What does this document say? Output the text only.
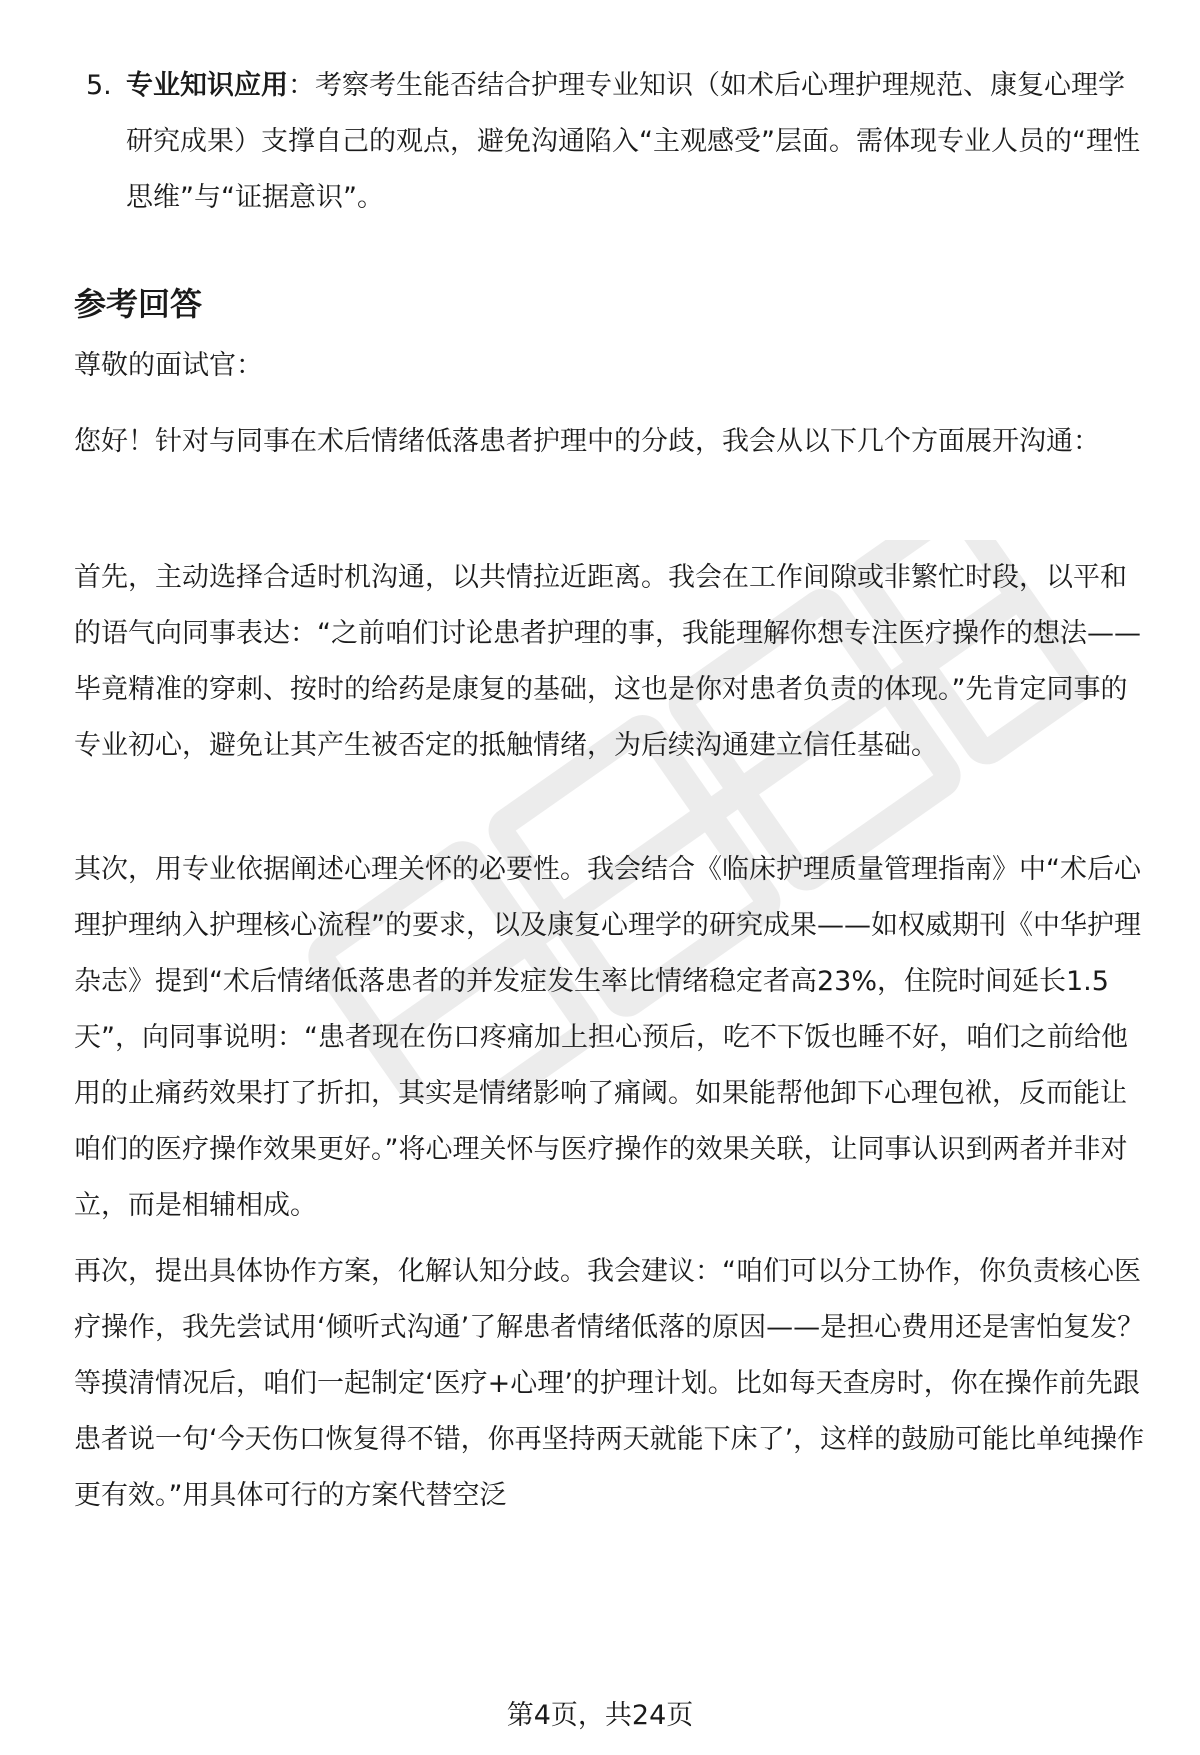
5. 专业知识应用：考察考生能否结合护理专业知识（如术后心理护理规范、康复心理学研究成果）支撑自己的观点，避免沟通陷入“主观感受”层面。需体现专业人员的“理性思维”与“证据意识”。
参考回答

尊敬的面试官：

您好！针对与同事在术后情绪低落患者护理中的分歧，我会从以下几个方面展开沟通：

首先，主动选择合适时机沟通，以共情拉近距离。我会在工作间隙或非繁忙时段，以平和的语气向同事表达：“之前咱们讨论患者护理的事，我能理解你想专注医疗操作的想法——毕竟精准的穿刺、按时的给药是康复的基础，这也是你对患者负责的体现。”先肯定同事的专业初心，避免让其产生被否定的抵触情绪，为后续沟通建立信任基础。

其次，用专业依据阐述心理关怀的必要性。我会结合《临床护理质量管理指南》中“术后心理护理纳入护理核心流程”的要求，以及康复心理学的研究成果——如权威期刊《中华护理杂志》提到“术后情绪低落患者的并发症发生率比情绪稳定者高23%，住院时间延长1.5天”，向同事说明：“患者现在伤口疼痛加上担心预后，吃不下饭也睡不好，咱们之前给他用的止痛药效果打了折扣，其实是情绪影响了痛阈。如果能帮他卸下心理包袱，反而能让咱们的医疗操作效果更好。”将心理关怀与医疗操作的效果关联，让同事认识到两者并非对立，而是相辅相成。

再次，提出具体协作方案，化解认知分歧。我会建议：“咱们可以分工协作，你负责核心医疗操作，我先尝试用‘倾听式沟通’了解患者情绪低落的原因——是担心费用还是害怕复发？等摸清情况后，咱们一起制定‘医疗+心理’的护理计划。比如每天查房时，你在操作前先跟患者说一句‘今天伤口恢复得不错，你再坚持两天就能下床了’，这样的鼓励可能比单纯操作更有效。”用具体可行的方案代替空泛

第4页，共24页
